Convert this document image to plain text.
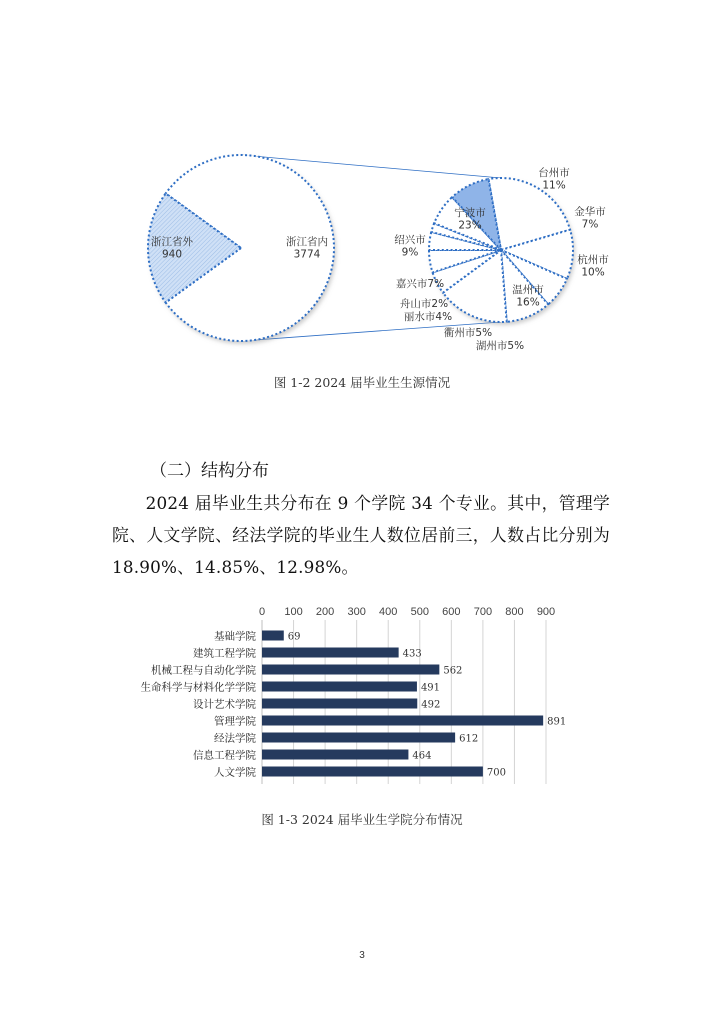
浙江省外
940
浙江省内
3774
宁波市
23%
台州市
11%
金华市
7%
杭州市
10%
温州市
16%
湖州市5%
衢州市5%
丽水市4%
舟山市2%
嘉兴市7%
绍兴市
9%
图 1-2 2024 届毕业生生源情况
（二）结构分布
2024 届毕业生共分布在 9 个学院 34 个专业。其中，管理学院、人文学院、经法学院的毕业生人数位居前三，人数占比分别为 18.90%、14.85%、12.98%。
0 100 200 300 400 500 600 700 800 900
基础学院
建筑工程学院
机械工程与自动化学院
生命科学与材料化学学院
设计艺术学院
管理学院
经法学院
信息工程学院
人文学院
69
433
562
491
492
891
612
464
700
图 1-3 2024 届毕业生学院分布情况
3
